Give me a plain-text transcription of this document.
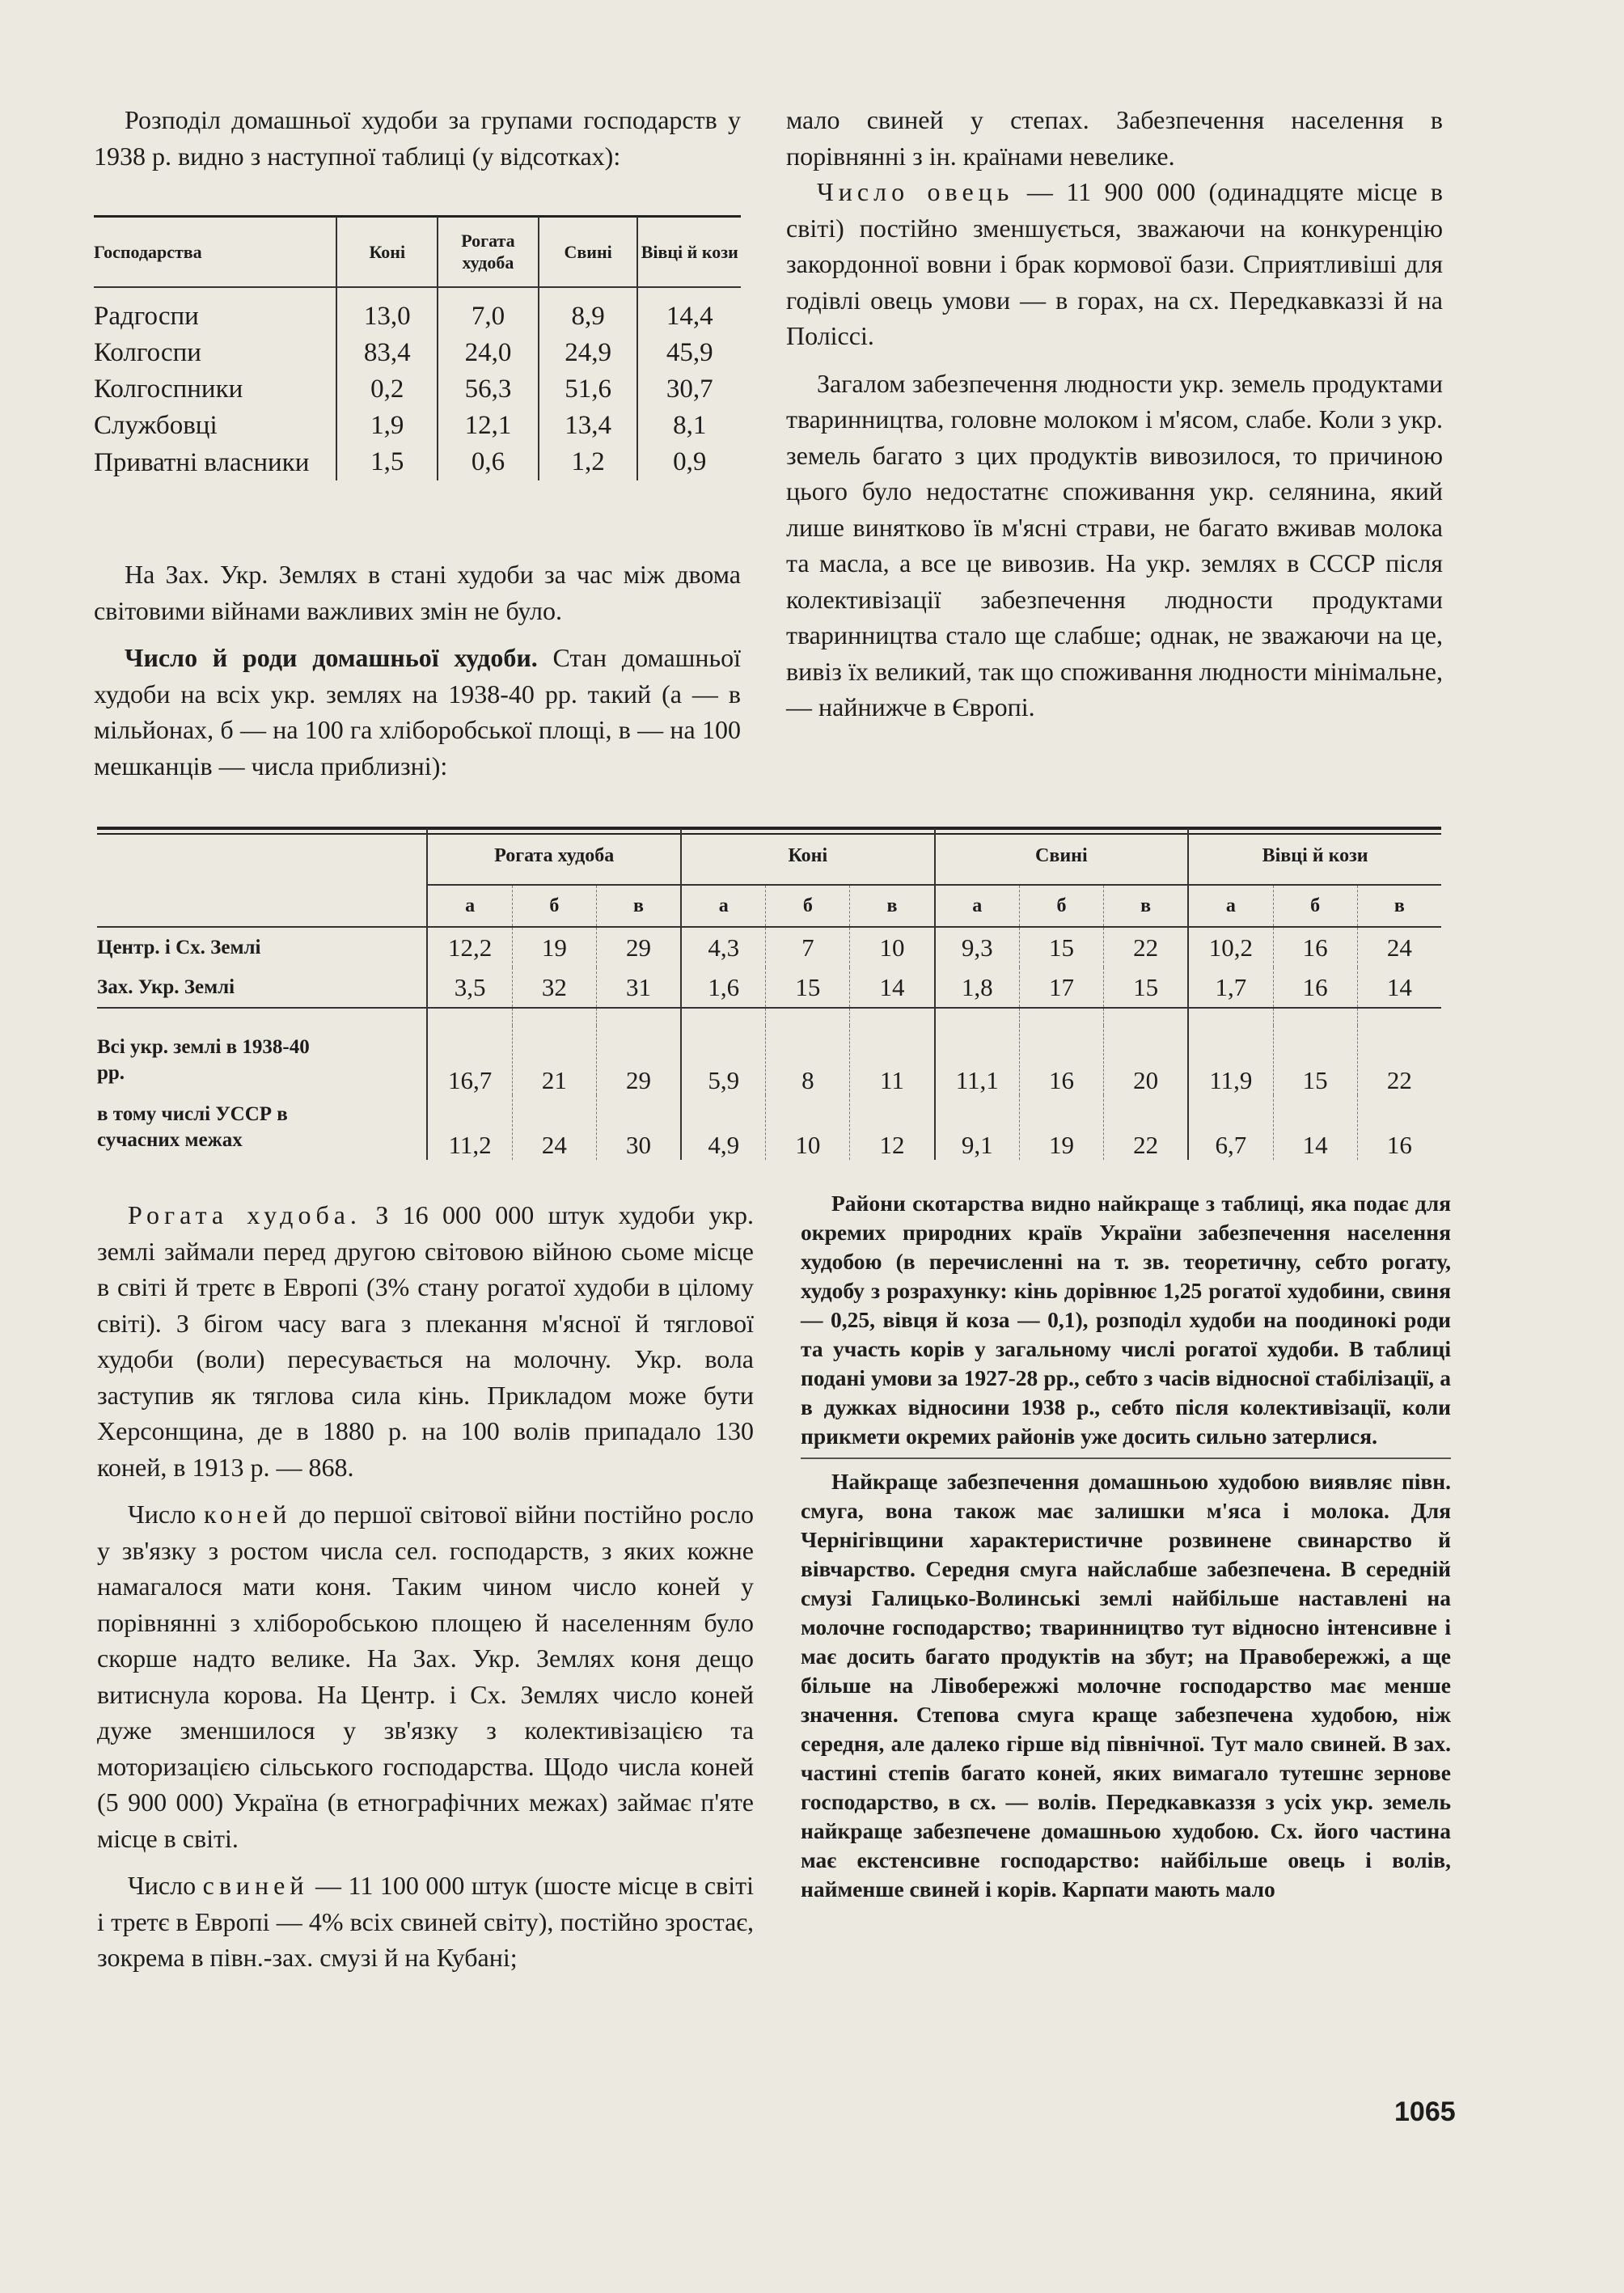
Розподіл домашньої худоби за групами господарств у 1938 р. видно з наступної таблиці (у відсотках):

Господарства	Коні	Рогата худоба	Свині	Вівці й кози

Радгоспи	13,0	7,0	8,9	14,4
Колгоспи	83,4	24,0	24,9	45,9
Колгоспники	0,2	56,3	51,6	30,7
Службовці	1,9	12,1	13,4	8,1
Приватні власники	1,5	0,6	1,2	0,9

На Зах. Укр. Землях в стані худоби за час між двома світовими війнами важливих змін не було.

Число й роди домашньої худоби. Стан домашньої худоби на всіх укр. землях на 1938-40 рр. такий (а — в мільйонах, б — на 100 га хліборобської площі, в — на 100 мешканців — числа приблизні):

мало свиней у степах. Забезпечення населення в порівнянні з ін. країнами невелике.

Число овець — 11 900 000 (одинадцяте місце в світі) постійно зменшується, зважаючи на конкуренцію закордонної вовни і брак кормової бази. Сприятливіші для годівлі овець умови — в горах, на сх. Передкавказзі й на Поліссі.

Загалом забезпечення людности укр. земель продуктами тваринництва, головне молоком і м'ясом, слабе. Коли з укр. земель багато з цих продуктів вивозилося, то причиною цього було недостатнє споживання укр. селянина, який лише винятково їв м'ясні страви, не багато вживав молока та масла, а все це вивозив. На укр. землях в СССР після колективізації забезпечення людности продуктами тваринництва стало ще слабше; однак, не зважаючи на це, вивіз їх великий, так що споживання людности мінімальне, — найнижче в Європі.

	Рогата худоба			Коні			Свині			Вівці й кози		
	а	б	в	а	б	в	а	б	в	а	б	в
Центр. і Сх. Землі	12,2	19	29	4,3	7	10	9,3	15	22	10,2	16	24
Зах. Укр. Землі	3,5	32	31	1,6	15	14	1,8	17	15	1,7	16	14

Всі укр. землі в 1938-40 рр.	16,7	21	29	5,9	8	11	11,1	16	20	11,9	15	22
в тому числі УССР в сучасних межах	11,2	24	30	4,9	10	12	9,1	19	22	6,7	14	16

Рогата худоба. З 16 000 000 штук худоби укр. землі займали перед другою світовою війною сьоме місце в світі й третє в Европі (3% стану рогатої худоби в цілому світі). З бігом часу вага з плекання м'ясної й тяглової худоби (воли) пересувається на молочну. Укр. вола заступив як тяглова сила кінь. Прикладом може бути Херсонщина, де в 1880 р. на 100 волів припадало 130 коней, в 1913 р. — 868.

Число коней до першої світової війни постійно росло у зв'язку з ростом числа сел. господарств, з яких кожне намагалося мати коня. Таким чином число коней у порівнянні з хліборобською площею й населенням було скорше надто велике. На Зах. Укр. Землях коня дещо витиснула корова. На Центр. і Сх. Землях число коней дуже зменшилося у зв'язку з колективізацією та моторизацією сільського господарства. Щодо числа коней (5 900 000) Україна (в етнографічних межах) займає п'яте місце в світі.

Число свиней — 11 100 000 штук (шосте місце в світі і третє в Европі — 4% всіх свиней світу), постійно зростає, зокрема в півн.-зах. смузі й на Кубані;

Райони скотарства видно найкраще з таблиці, яка подає для окремих природних країв України забезпечення населення худобою (в перечисленні на т. зв. теоретичну, себто рогату, худобу з розрахунку: кінь дорівнює 1,25 рогатої худобини, свиня — 0,25, вівця й коза — 0,1), розподіл худоби на поодинокі роди та участь корів у загальному числі рогатої худоби. В таблиці подані умови за 1927-28 рр., себто з часів відносної стабілізації, а в дужках відносини 1938 р., себто після колективізації, коли прикмети окремих районів уже досить сильно затерлися.

Найкраще забезпечення домашньою худобою виявляє півн. смуга, вона також має залишки м'яса і молока. Для Чернігівщини характеристичне розвинене свинарство й вівчарство. Середня смуга найслабше забезпечена. В середній смузі Галицько-Волинські землі найбільше наставлені на молочне господарство; тваринництво тут відносно інтенсивне і має досить багато продуктів на збут; на Правобережжі, а ще більше на Лівобережжі молочне господарство має менше значення. Степова смуга краще забезпечена худобою, ніж середня, але далеко гірше від північної. Тут мало свиней. В зах. частині степів багато коней, яких вимагало тутешнє зернове господарство, в сх. — волів. Передкавказзя з усіх укр. земель найкраще забезпечене домашньою худобою. Сх. його частина має екстенсивне господарство: найбільше овець і волів, найменше свиней і корів. Карпати мають мало

1065
